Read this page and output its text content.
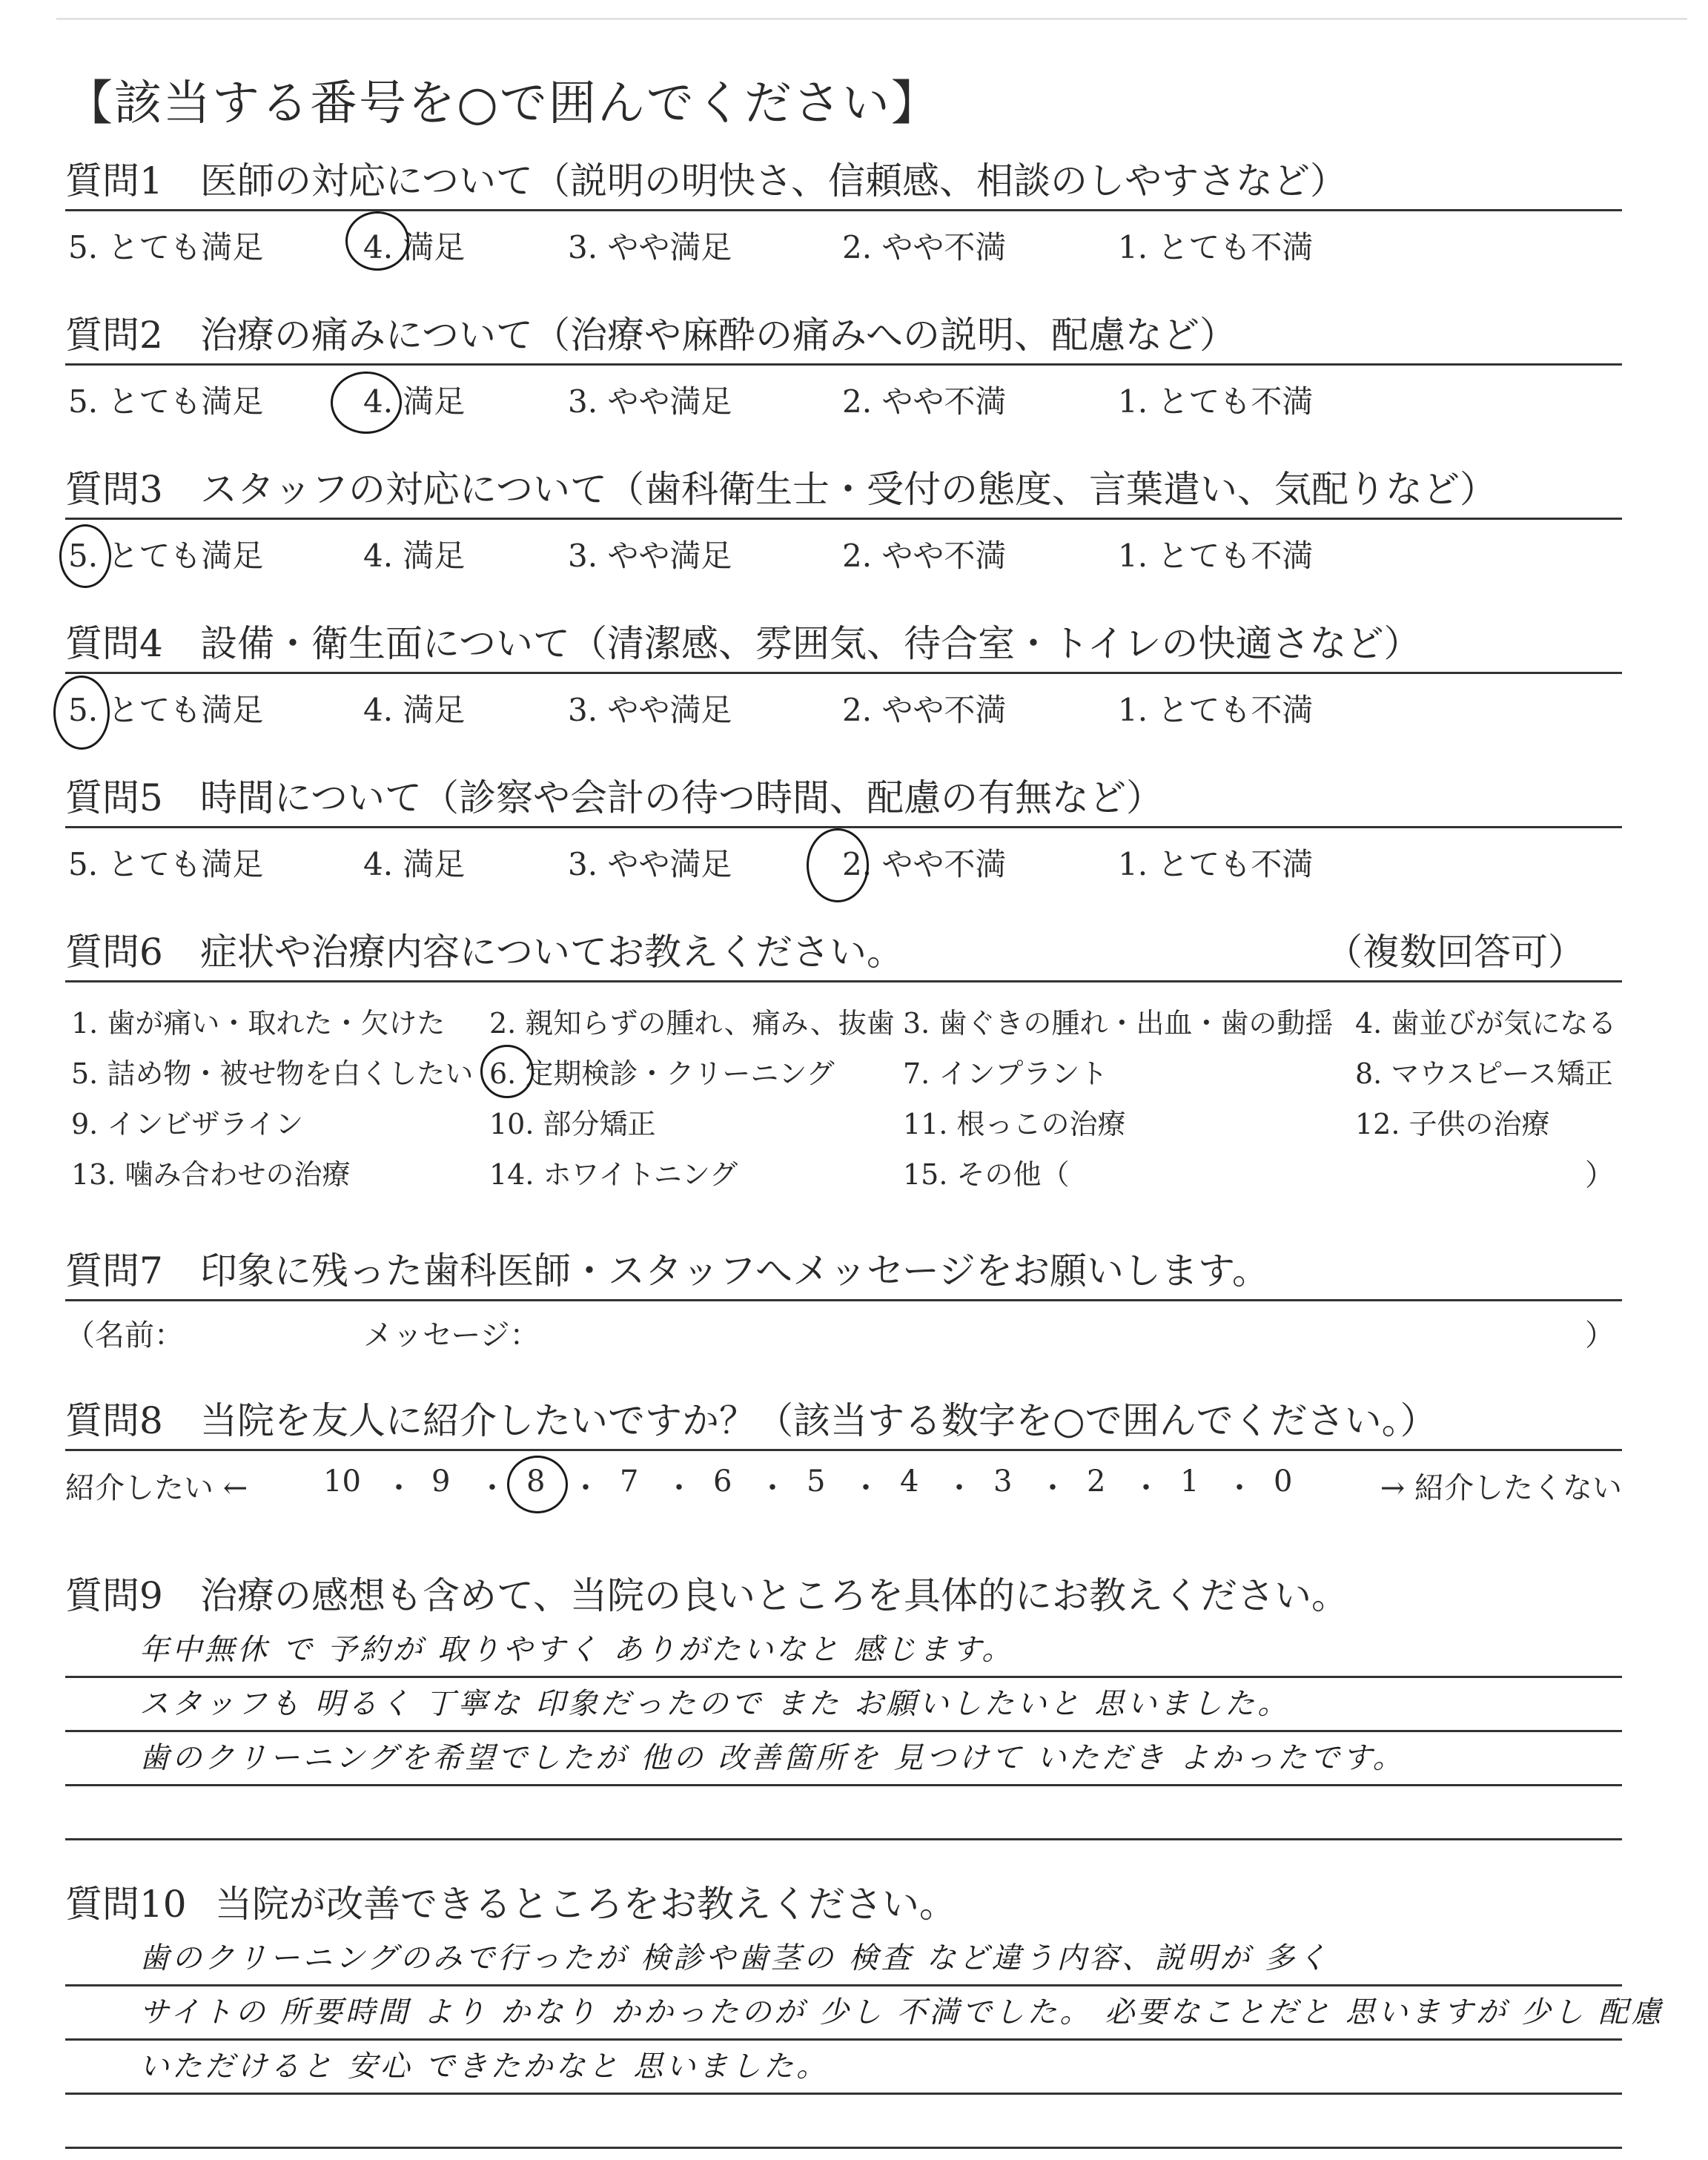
【該当する番号を○で囲んでください】
質問1 医師の対応について（説明の明快さ、信頼感、相談のしやすさなど）
5. とても満足	4. 満足	3. やや満足	2. やや不満	1. とても不満
質問2 治療の痛みについて（治療や麻酔の痛みへの説明、配慮など）
5. とても満足	4. 満足	3. やや満足	2. やや不満	1. とても不満
質問3 スタッフの対応について（歯科衛生士・受付の態度、言葉遣い、気配りなど）
5. とても満足	4. 満足	3. やや満足	2. やや不満	1. とても不満
質問4 設備・衛生面について（清潔感、雰囲気、待合室・トイレの快適さなど）
5. とても満足	4. 満足	3. やや満足	2. やや不満	1. とても不満
質問5 時間について（診察や会計の待つ時間、配慮の有無など）
5. とても満足	4. 満足	3. やや満足	2. やや不満	1. とても不満
質問6 症状や治療内容についてお教えください。	（複数回答可）
1. 歯が痛い・取れた・欠けた 2. 親知らずの腫れ、痛み、抜歯 3. 歯ぐきの腫れ・出血・歯の動揺 4. 歯並びが気になる
5. 詰め物・被せ物を白くしたい 6. 定期検診・クリーニング 7. インプラント	8. マウスピース矯正
9. インビザライン	10. 部分矯正	11. 根っこの治療	12. 子供の治療
13. 噛み合わせの治療	14. ホワイトニング	15. その他（	）
質問7 印象に残った歯科医師・スタッフへメッセージをお願いします。
（名前：	メッセージ：	）
質問8 当院を友人に紹介したいですか？（該当する数字を○で囲んでください。）
紹介したい ←	10 ・ 9 ・ 8 ・ 7 ・ 6 ・ 5 ・ 4 ・ 3 ・ 2 ・ 1 ・ 0	→ 紹介したくない
質問9 治療の感想も含めて、当院の良いところを具体的にお教えください。
年中無休 で 予約が 取りやすく ありがたいなと 感じます。
スタッフも 明るく 丁寧な 印象だったので また お願いしたいと 思いました。
歯のクリーニングを希望でしたが 他の 改善箇所を 見つけて いただき よかったです。
質問10 当院が改善できるところをお教えください。
歯のクリーニングのみで行ったが 検診や歯茎の 検査 など違う内容、説明が 多く
サイトの 所要時間 より かなり かかったのが 少し 不満でした。 必要なことだと 思いますが 少し 配慮
いただけると 安心 できたかなと 思いました。
